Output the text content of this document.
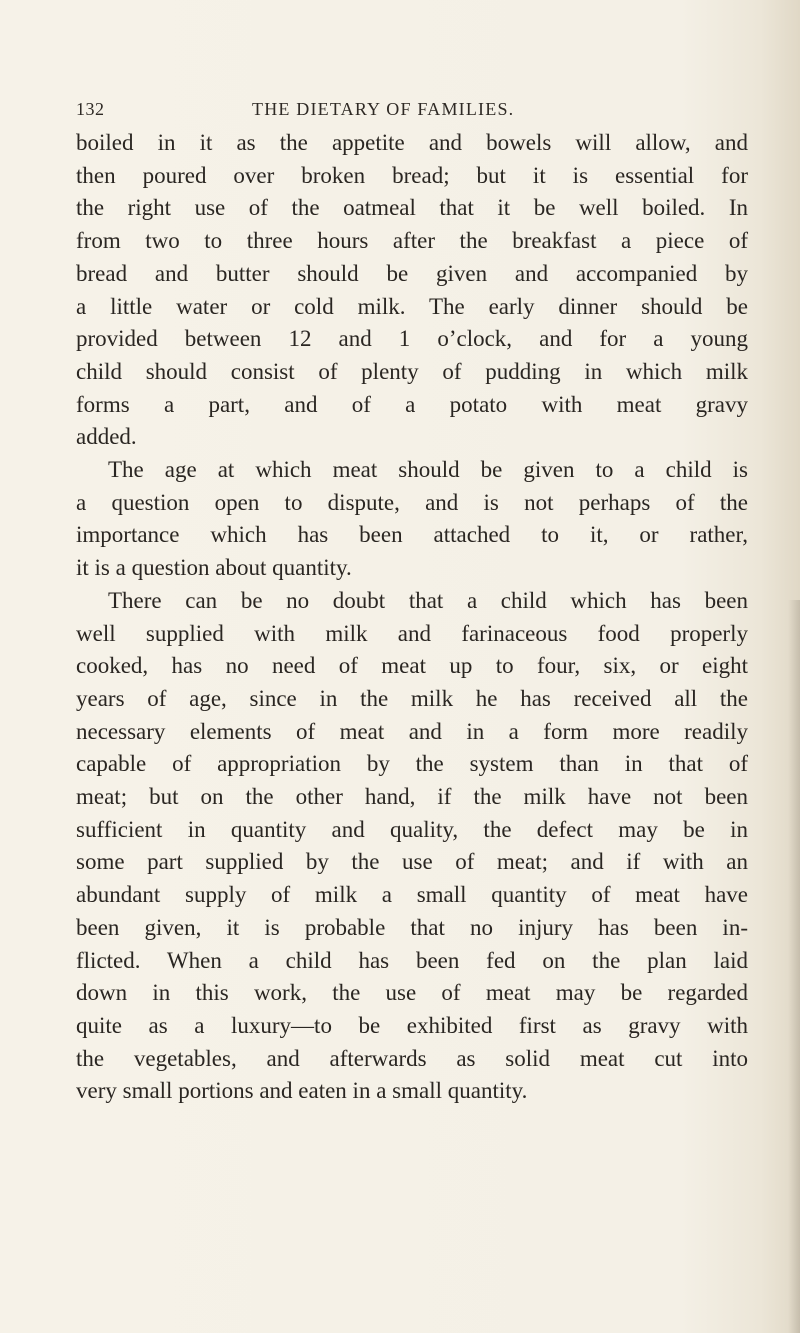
132	THE DIETARY OF FAMILIES.

boiled in it as the appetite and bowels will allow, and
then poured over broken bread; but it is essential for
the right use of the oatmeal that it be well boiled. In
from two to three hours after the breakfast a piece of
bread and butter should be given and accompanied by
a little water or cold milk. The early dinner should be
provided between 12 and 1 o’clock, and for a young
child should consist of plenty of pudding in which milk
forms a part, and of a potato with meat gravy
added.

The age at which meat should be given to a child is
a question open to dispute, and is not perhaps of the
importance which has been attached to it, or rather,
it is a question about quantity.

There can be no doubt that a child which has been
well supplied with milk and farinaceous food properly
cooked, has no need of meat up to four, six, or eight
years of age, since in the milk he has received all the
necessary elements of meat and in a form more readily
capable of appropriation by the system than in that of
meat; but on the other hand, if the milk have not been
sufficient in quantity and quality, the defect may be in
some part supplied by the use of meat; and if with an
abundant supply of milk a small quantity of meat have
been given, it is probable that no injury has been in-
flicted. When a child has been fed on the plan laid
down in this work, the use of meat may be regarded
quite as a luxury—to be exhibited first as gravy with
the vegetables, and afterwards as solid meat cut into
very small portions and eaten in a small quantity.
